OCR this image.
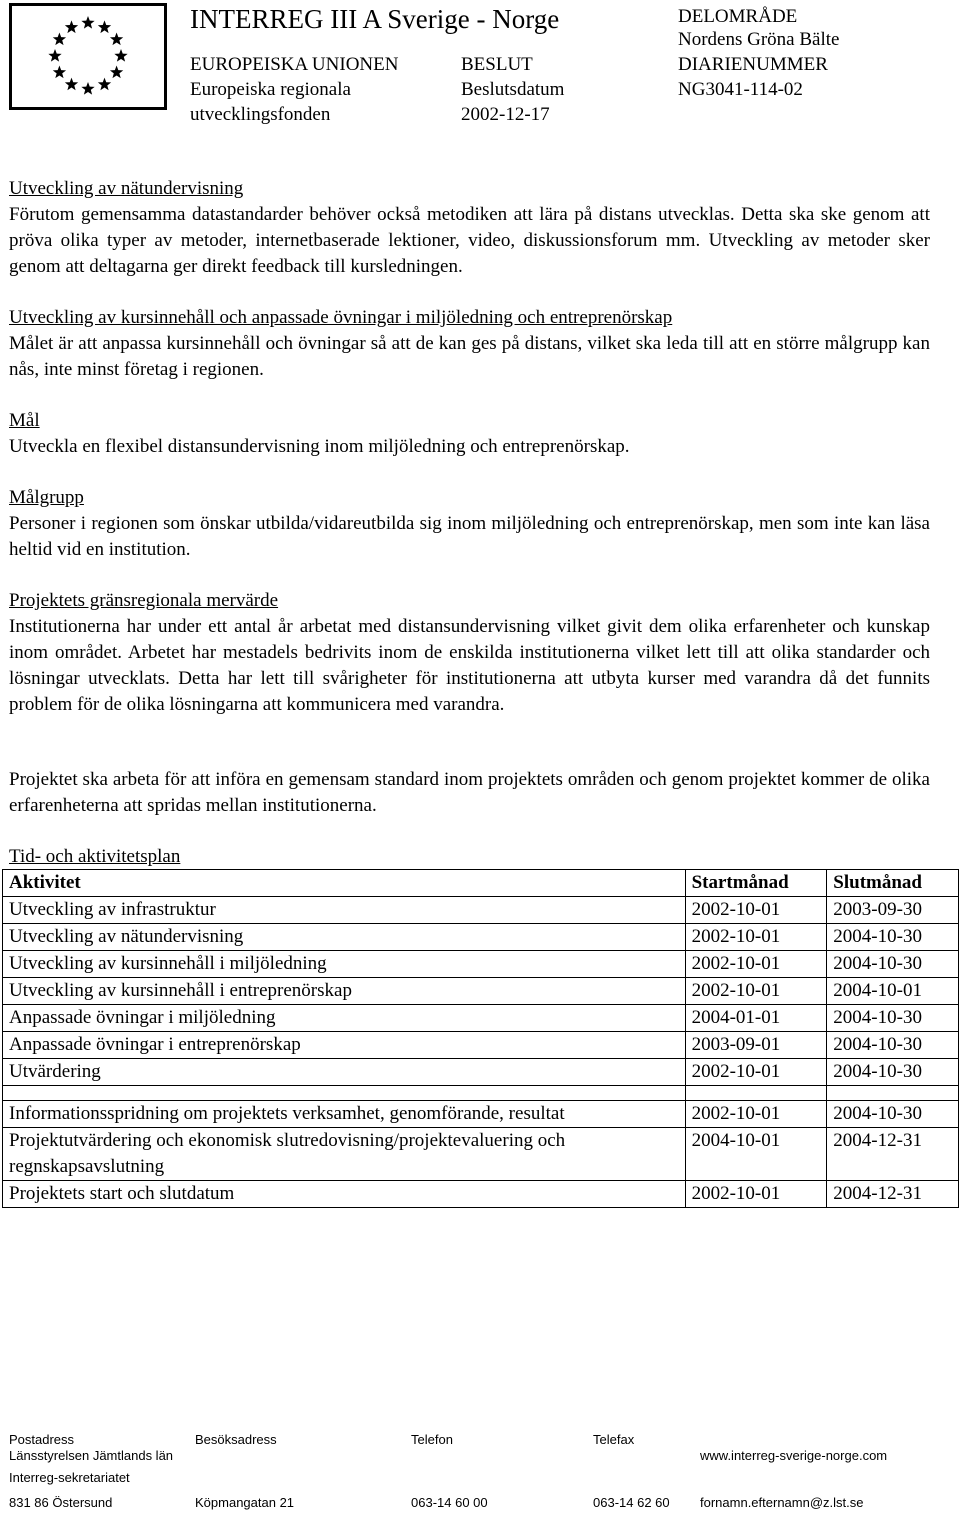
INTERREG III A Sverige - Norge
EUROPEISKA UNIONEN
Europeiska regionala
utvecklingsfonden
BESLUT
Beslutsdatum
2002-12-17
DELOMRÅDE
Nordens Gröna Bälte
DIARIENUMMER
NG3041-114-02
Utveckling av nätundervisning
Förutom gemensamma datastandarder behöver också metodiken att lära på distans utvecklas. Detta ska ske genom att pröva olika typer av metoder, internetbaserade lektioner, video, diskussionsforum mm. Utveckling av metoder sker genom att deltagarna ger direkt feedback till kursledningen.
Utveckling av kursinnehåll och anpassade övningar i miljöledning och entreprenörskap
Målet är att anpassa kursinnehåll och övningar så att de kan ges på distans, vilket ska leda till att en större målgrupp kan nås, inte minst företag i regionen.
Mål
Utveckla en flexibel distansundervisning inom miljöledning och entreprenörskap.
Målgrupp
Personer i regionen som önskar utbilda/vidareutbilda sig inom miljöledning och entreprenörskap, men som inte kan läsa heltid vid en institution.
Projektets gränsregionala mervärde
Institutionerna har under ett antal år arbetat med distansundervisning vilket givit dem olika erfarenheter och kunskap inom området. Arbetet har mestadels bedrivits inom de enskilda institutionerna vilket lett till att olika standarder och lösningar utvecklats. Detta har lett till svårigheter för institutionerna att utbyta kurser med varandra då det funnits problem för de olika lösningarna att kommunicera med varandra.
Projektet ska arbeta för att införa en gemensam standard inom projektets områden och genom projektet kommer de olika erfarenheterna att spridas mellan institutionerna.
Tid- och aktivitetsplan
Aktivitet	Startmånad	Slutmånad
Utveckling av infrastruktur	2002-10-01	2003-09-30
Utveckling av nätundervisning	2002-10-01	2004-10-30
Utveckling av kursinnehåll i miljöledning	2002-10-01	2004-10-30
Utveckling av kursinnehåll i entreprenörskap	2002-10-01	2004-10-01
Anpassade övningar i miljöledning	2004-01-01	2004-10-30
Anpassade övningar i entreprenörskap	2003-09-01	2004-10-30
Utvärdering	2002-10-01	2004-10-30

Informationsspridning om projektets verksamhet, genomförande, resultat	2002-10-01	2004-10-30
Projektutvärdering och ekonomisk slutredovisning/projektevaluering och regnskapsavslutning	2004-10-01	2004-12-31
Projektets start och slutdatum	2002-10-01	2004-12-31
Postadress	Besöksadress	Telefon	Telefax
Länsstyrelsen Jämtlands län	www.interreg-sverige-norge.com
Interreg-sekretariatet
831 86 Östersund	Köpmangatan 21	063-14 60 00	063-14 62 60 fornamn.efternamn@z.lst.se
